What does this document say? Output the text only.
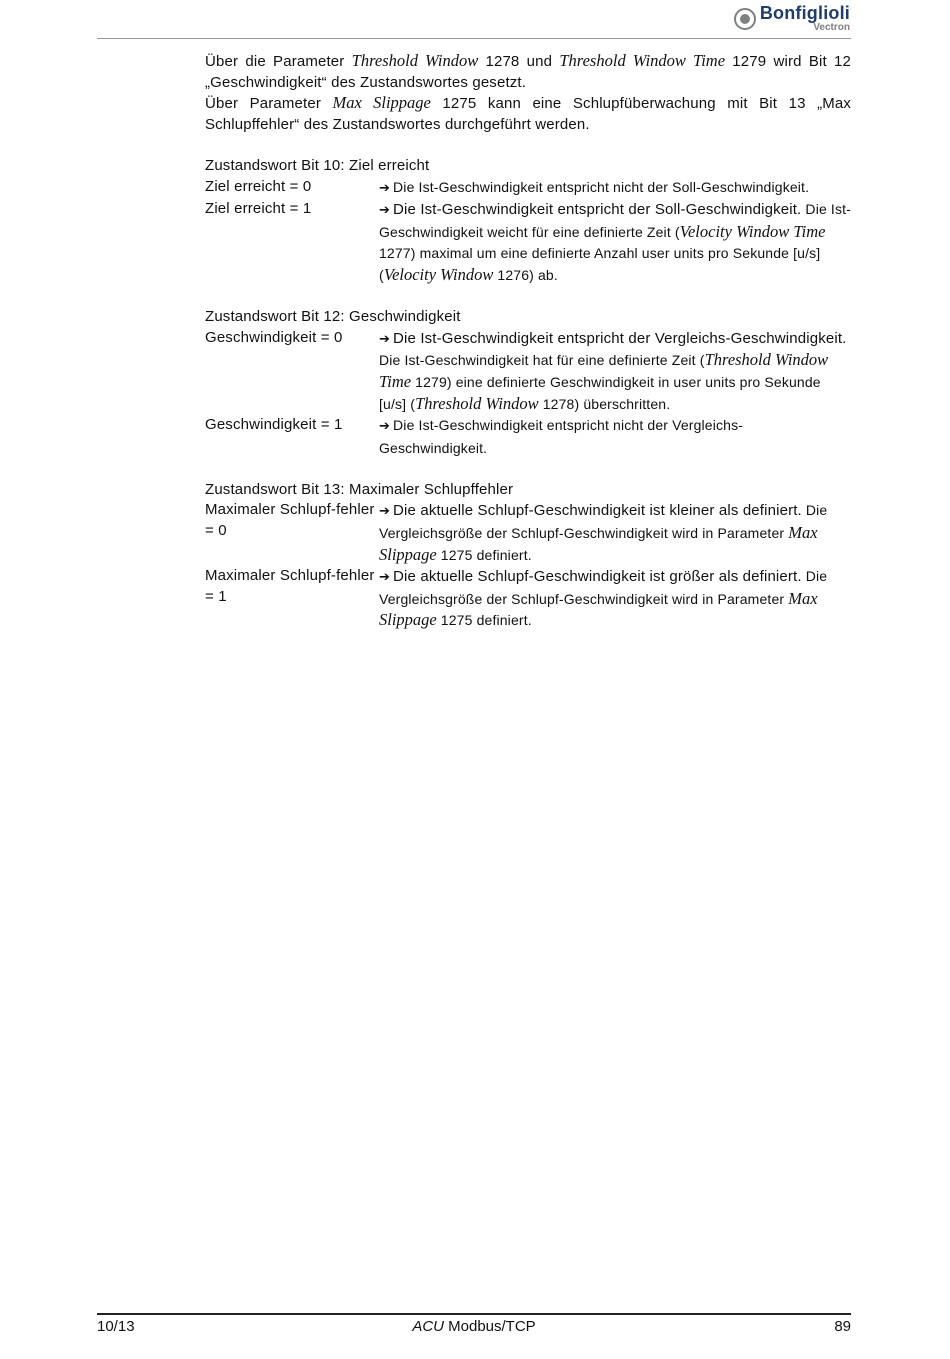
Bonfiglioli
Vectron

Über die Parameter Threshold Window 1278 und Threshold Window Time 1279 wird Bit 12 „Geschwindigkeit“ des Zustandswortes gesetzt.

Über Parameter Max Slippage 1275 kann eine Schlupfüberwachung mit Bit 13 „Max Schlupffehler“ des Zustandswortes durchgeführt werden.

Zustandswort Bit 10: Ziel erreicht

Ziel erreicht = 0	➔ Die Ist-Geschwindigkeit entspricht nicht der Soll-Geschwindigkeit.
Ziel erreicht = 1	➔ Die Ist-Geschwindigkeit entspricht der Soll-Geschwindigkeit. Die Ist-Geschwindigkeit weicht für eine definierte Zeit (Velocity Window Time 1277) maximal um eine definierte Anzahl user units pro Sekunde [u/s] (Velocity Window 1276) ab.

Zustandswort Bit 12: Geschwindigkeit

Geschwindigkeit = 0	➔ Die Ist-Geschwindigkeit entspricht der Vergleichs-Geschwindigkeit. Die Ist-Geschwindigkeit hat für eine definierte Zeit (Threshold Window Time 1279) eine definierte Geschwindigkeit in user units pro Sekunde [u/s] (Threshold Window 1278) überschritten.
Geschwindigkeit = 1	➔ Die Ist-Geschwindigkeit entspricht nicht der Vergleichs-Geschwindigkeit.

Zustandswort Bit 13: Maximaler Schlupffehler

Maximaler Schlupf-fehler = 0
➔ Die aktuelle Schlupf-Geschwindigkeit ist kleiner als definiert. Die Vergleichsgröße der Schlupf-Geschwindigkeit wird in Parameter Max Slippage 1275 definiert.
Maximaler Schlupf-fehler = 1
➔ Die aktuelle Schlupf-Geschwindigkeit ist größer als definiert. Die Vergleichsgröße der Schlupf-Geschwindigkeit wird in Parameter Max Slippage 1275 definiert.
10/13	ACU Modbus/TCP	89
